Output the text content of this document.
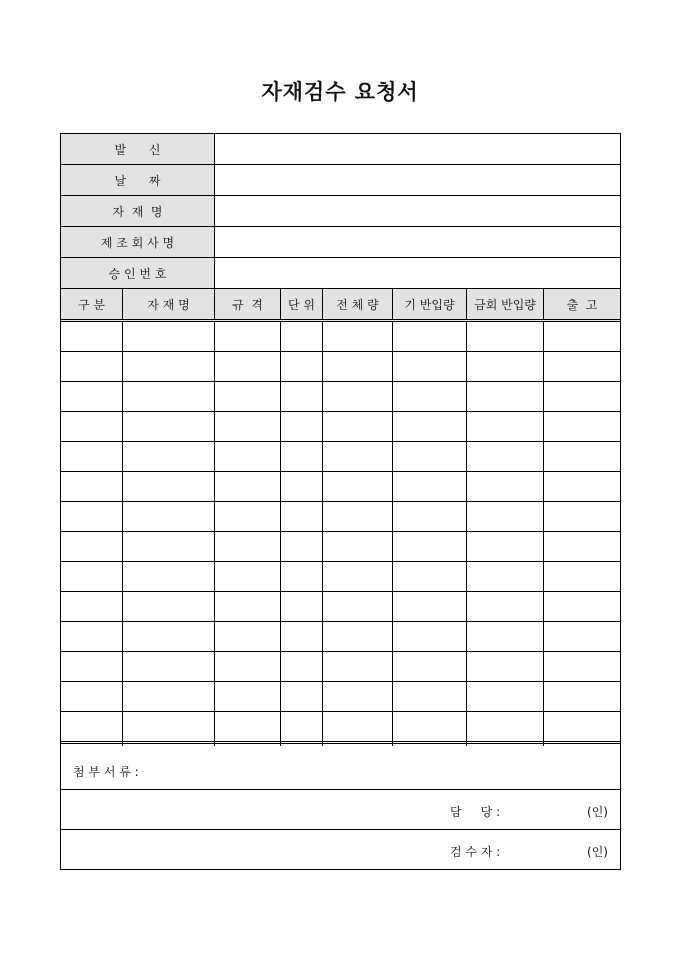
자재검수 요청서
발      신
날      짜
자  재  명
제 조 회 사 명
승 인 번 호
구 분	자 재 명	규  격	단 위	전 체 량	기 반입량	금회 반입량	출  고

첨 부 서 류 :

담     당 :	(인)
검 수 자 :	(인)
